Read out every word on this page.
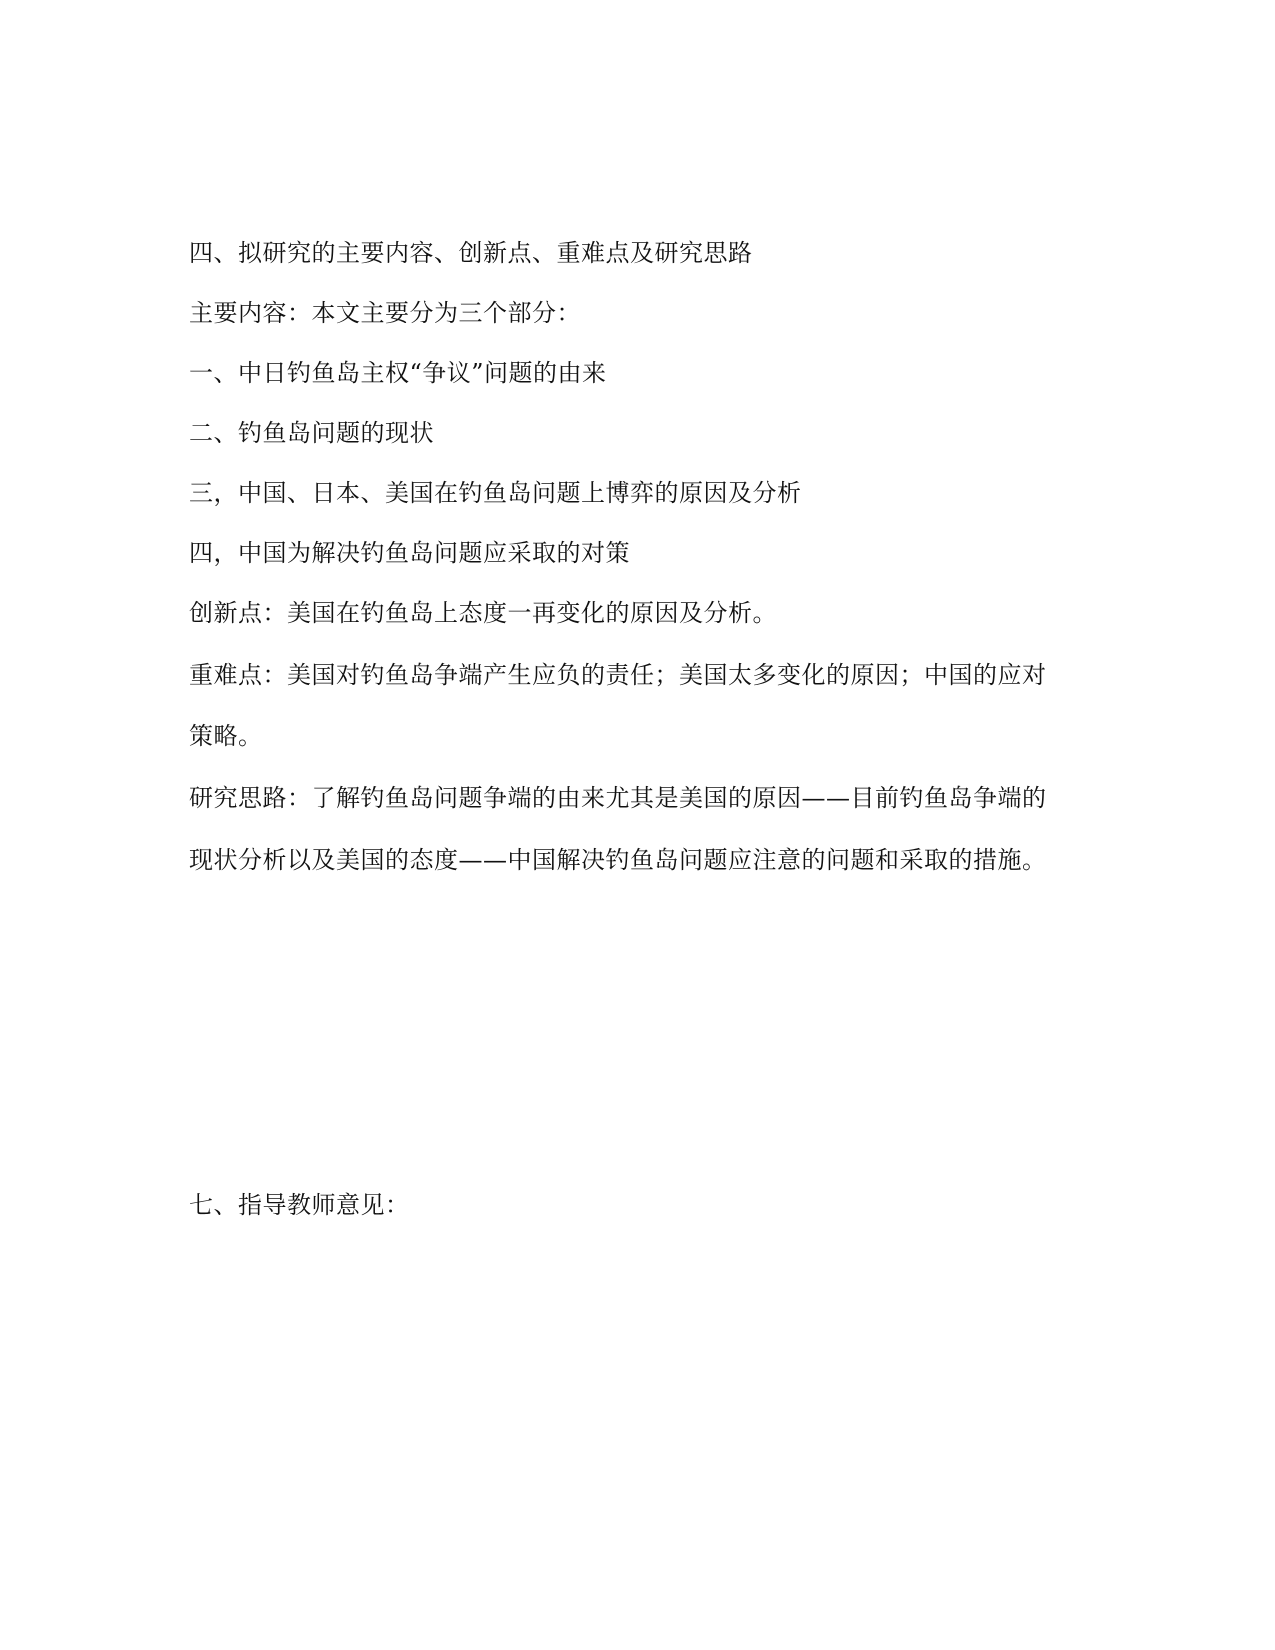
四、拟研究的主要内容、创新点、重难点及研究思路
主要内容：本文主要分为三个部分：
一、中日钓鱼岛主权“争议”问题的由来
二、钓鱼岛问题的现状
三，中国、日本、美国在钓鱼岛问题上博弈的原因及分析
四，中国为解决钓鱼岛问题应采取的对策
创新点：美国在钓鱼岛上态度一再变化的原因及分析。
重难点：美国对钓鱼岛争端产生应负的责任；美国太多变化的原因；中国的应对
策略。
研究思路：了解钓鱼岛问题争端的由来尤其是美国的原因——目前钓鱼岛争端的
现状分析以及美国的态度——中国解决钓鱼岛问题应注意的问题和采取的措施。
七、指导教师意见：
